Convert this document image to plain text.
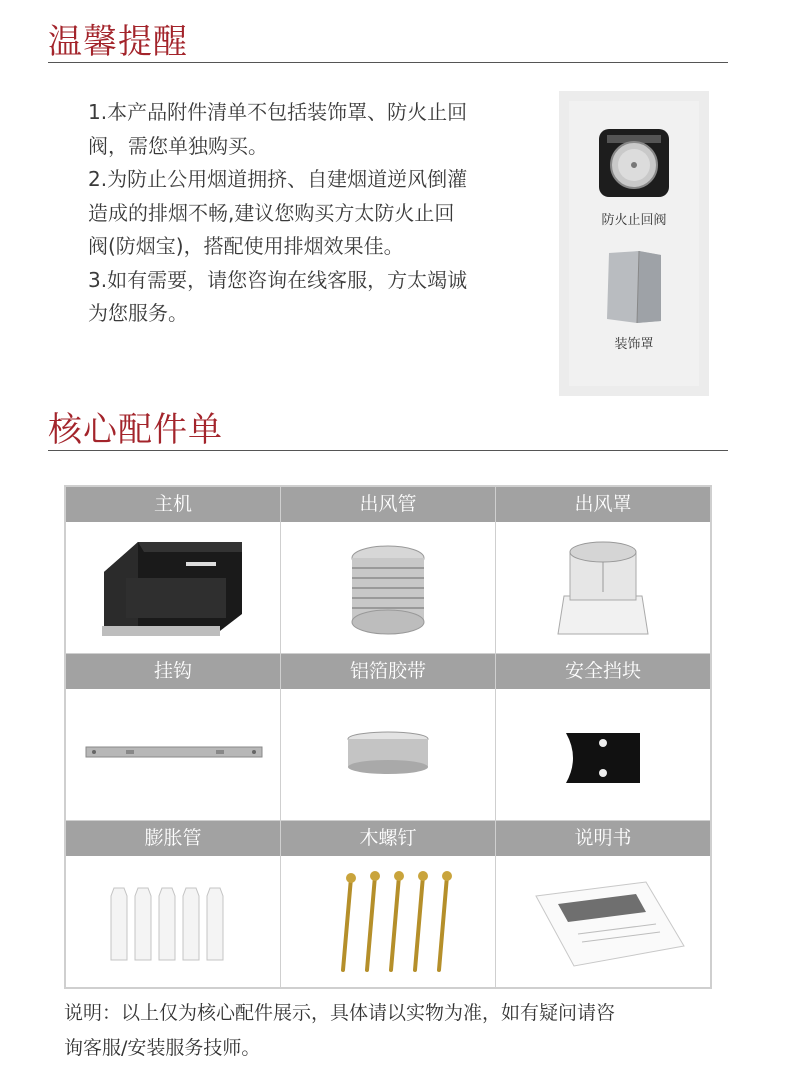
温馨提醒

1.本产品附件清单不包括装饰罩、防火止回

阀，需您单独购买。

2.为防止公用烟道拥挤、自建烟道逆风倒灌

造成的排烟不畅,建议您购买方太防火止回

阀(防烟宝)，搭配使用排烟效果佳。

3.如有需要，请您咨询在线客服，方太竭诚

为您服务。

防火止回阀
装饰罩
核心配件单
主机	出风管	出风罩
挂钩	铝箔胶带	安全挡块
膨胀管	木螺钉	说明书

说明：以上仅为核心配件展示，具体请以实物为准，如有疑问请咨

询客服/安装服务技师。
